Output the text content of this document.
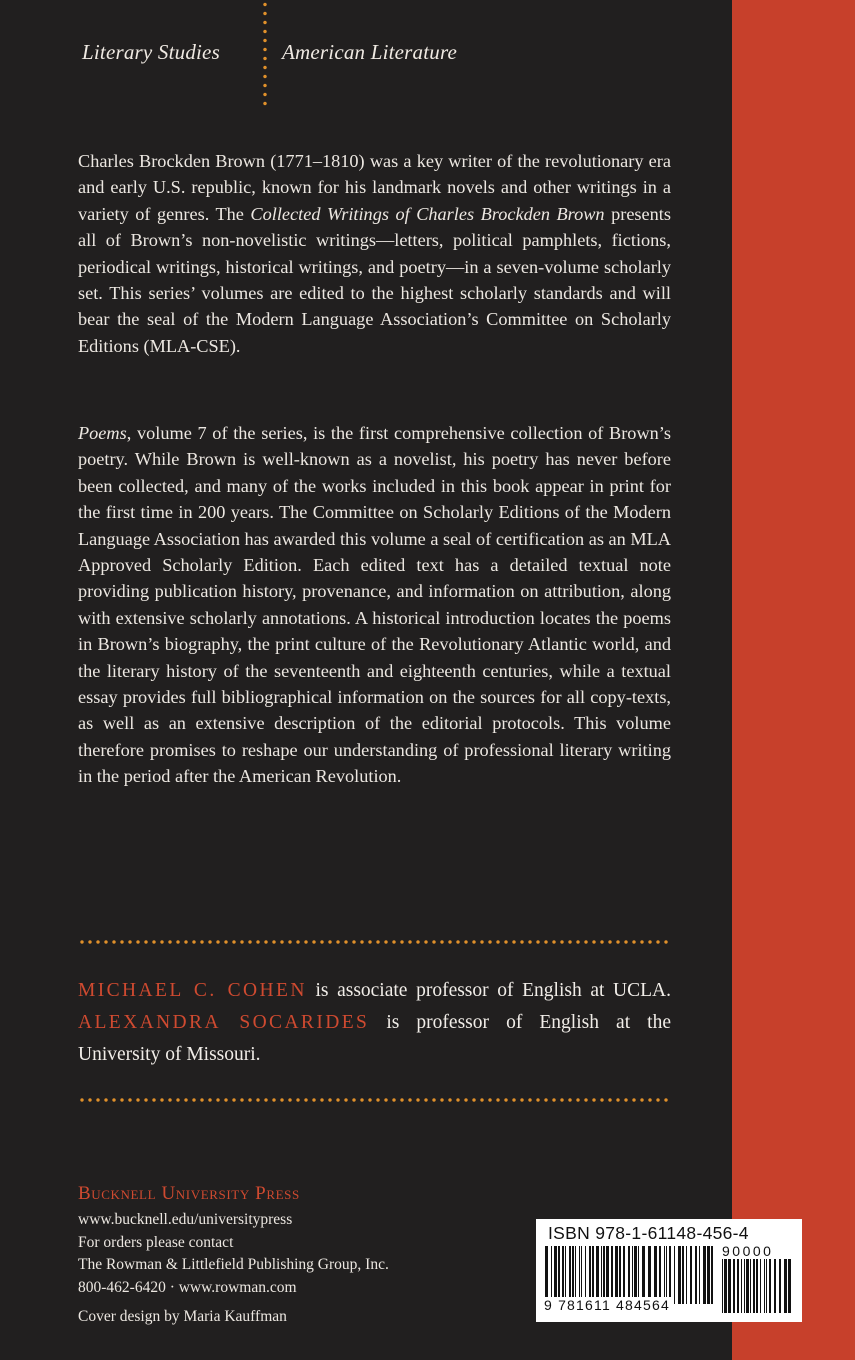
Literary Studies	American Literature

Charles Brockden Brown (1771–1810) was a key writer of the revolutionary era and early U.S. republic, known for his landmark novels and other writings in a variety of genres. The Collected Writings of Charles Brockden Brown presents all of Brown’s non-novelistic writings—letters, political pamphlets, fictions, periodical writings, historical writings, and poetry—in a seven-volume scholarly set. This series’ volumes are edited to the highest scholarly standards and will bear the seal of the Modern Language Association’s Committee on Scholarly Editions (MLA-CSE).

Poems, volume 7 of the series, is the first comprehensive collection of Brown’s poetry. While Brown is well-known as a novelist, his poetry has never before been collected, and many of the works included in this book appear in print for the first time in 200 years. The Committee on Scholarly Editions of the Modern Language Association has awarded this volume a seal of certification as an MLA Approved Scholarly Edition. Each edited text has a detailed textual note providing publication history, provenance, and information on attribution, along with extensive scholarly annotations. A historical introduction locates the poems in Brown’s biography, the print culture of the Revolutionary Atlantic world, and the literary history of the seventeenth and eighteenth centuries, while a textual essay provides full bibliographical information on the sources for all copy-texts, as well as an extensive description of the editorial protocols. This volume therefore promises to reshape our understanding of professional literary writing in the period after the American Revolution.

MICHAEL C. COHEN is associate professor of English at UCLA. ALEXANDRA SOCARIDES is professor of English at the University of Missouri.

Bucknell University Press
www.bucknell.edu/universitypress
For orders please contact
The Rowman & Littlefield Publishing Group, Inc.
800-462-6420 · www.rowman.com
Cover design by Maria Kauffman
ISBN 978-1-61148-456-4
90000
9 781611 484564
